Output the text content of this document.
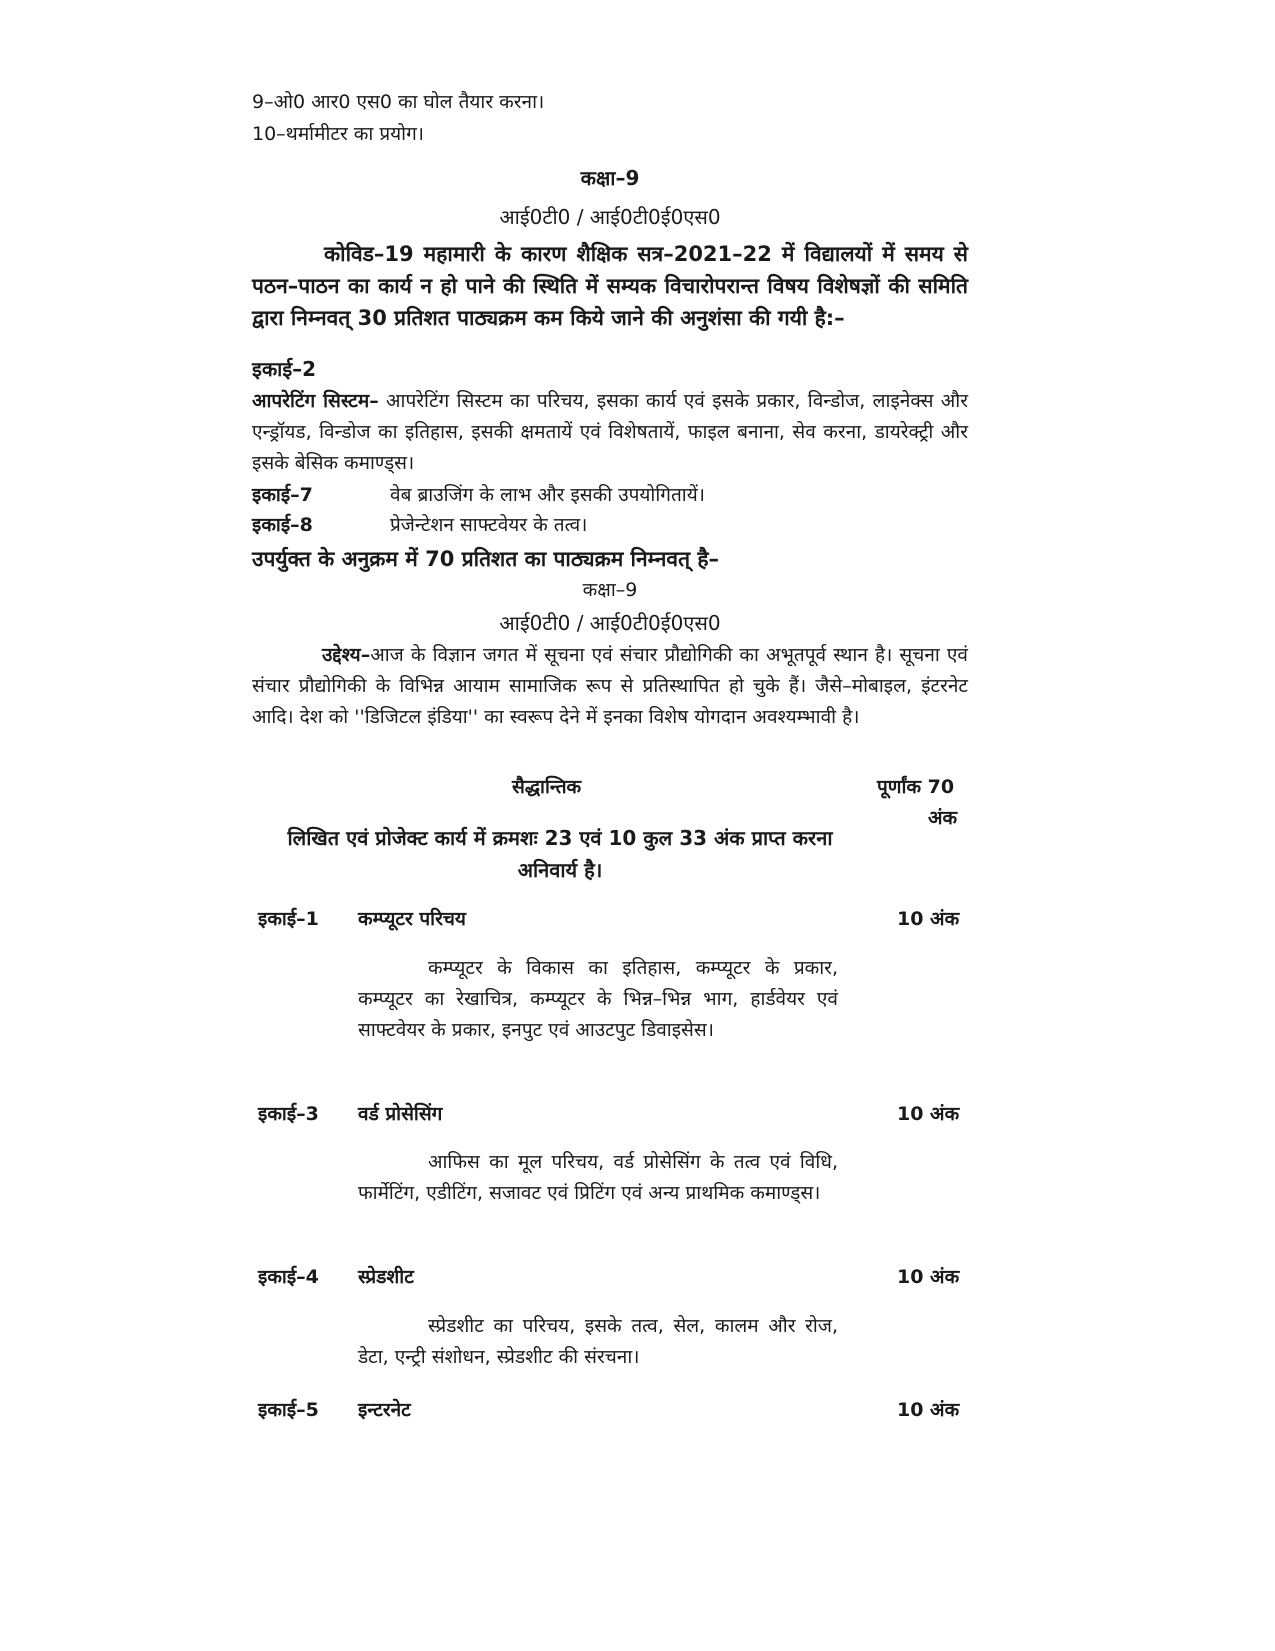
9–ओ0 आर0 एस0 का घोल तैयार करना।
10–थर्मामीटर का प्रयोग।
कक्षा–9
आई0टी0 / आई0टी0ई0एस0
कोविड–19 महामारी के कारण शैक्षिक सत्र–2021–22 में विद्यालयों में समय से पठन–पाठन का कार्य न हो पाने की स्थिति में सम्यक विचारोपरान्त विषय विशेषज्ञों की समिति द्वारा निम्नवत् 30 प्रतिशत पाठ्यक्रम कम किये जाने की अनुशंसा की गयी है:–
इकाई–2
आपरेटिंग सिस्टम– आपरेटिंग सिस्टम का परिचय, इसका कार्य एवं इसके प्रकार, विन्डोज, लाइनेक्स और एन्ड्रॉयड, विन्डोज का इतिहास, इसकी क्षमतायें एवं विशेषतायें, फाइल बनाना, सेव करना, डायरेक्ट्री और इसके बेसिक कमाण्ड्स।
इकाई–7	वेब ब्राउजिंग के लाभ और इसकी उपयोगितायें।
इकाई–8	प्रेजेन्टेशन साफ्टवेयर के तत्व।
उपर्युक्त के अनुक्रम में 70 प्रतिशत का पाठ्यक्रम निम्नवत् है–
कक्षा–9
आई0टी0 / आई0टी0ई0एस0
उद्देश्य–आज के विज्ञान जगत में सूचना एवं संचार प्रौद्योगिकी का अभूतपूर्व स्थान है। सूचना एवं संचार प्रौद्योगिकी के विभिन्न आयाम सामाजिक रूप से प्रतिस्थापित हो चुके हैं। जैसे–मोबाइल, इंटरनेट आदि। देश को ''डिजिटल इंडिया'' का स्वरूप देने में इनका विशेष योगदान अवश्यम्भावी है।
सैद्धान्तिक	पूर्णांक 70
अंक
लिखित एवं प्रोजेक्ट कार्य में क्रमशः 23 एवं 10 कुल 33 अंक प्राप्त करना अनिवार्य है।
इकाई–1 कम्प्यूटर परिचय	10 अंक
कम्प्यूटर के विकास का इतिहास, कम्प्यूटर के प्रकार, कम्प्यूटर का रेखाचित्र, कम्प्यूटर के भिन्न–भिन्न भाग, हार्डवेयर एवं साफ्टवेयर के प्रकार, इनपुट एवं आउटपुट डिवाइसेस।
इकाई–3 वर्ड प्रोसेसिंग	10 अंक
आफिस का मूल परिचय, वर्ड प्रोसेसिंग के तत्व एवं विधि, फार्मेटिंग, एडीटिंग, सजावट एवं प्रिटिंग एवं अन्य प्राथमिक कमाण्ड्स।
इकाई–4 स्प्रेडशीट	10 अंक
स्प्रेडशीट का परिचय, इसके तत्व, सेल, कालम और रोज, डेटा, एन्ट्री संशोधन, स्प्रेडशीट की संरचना।
इकाई–5 इन्टरनेट	10 अंक
